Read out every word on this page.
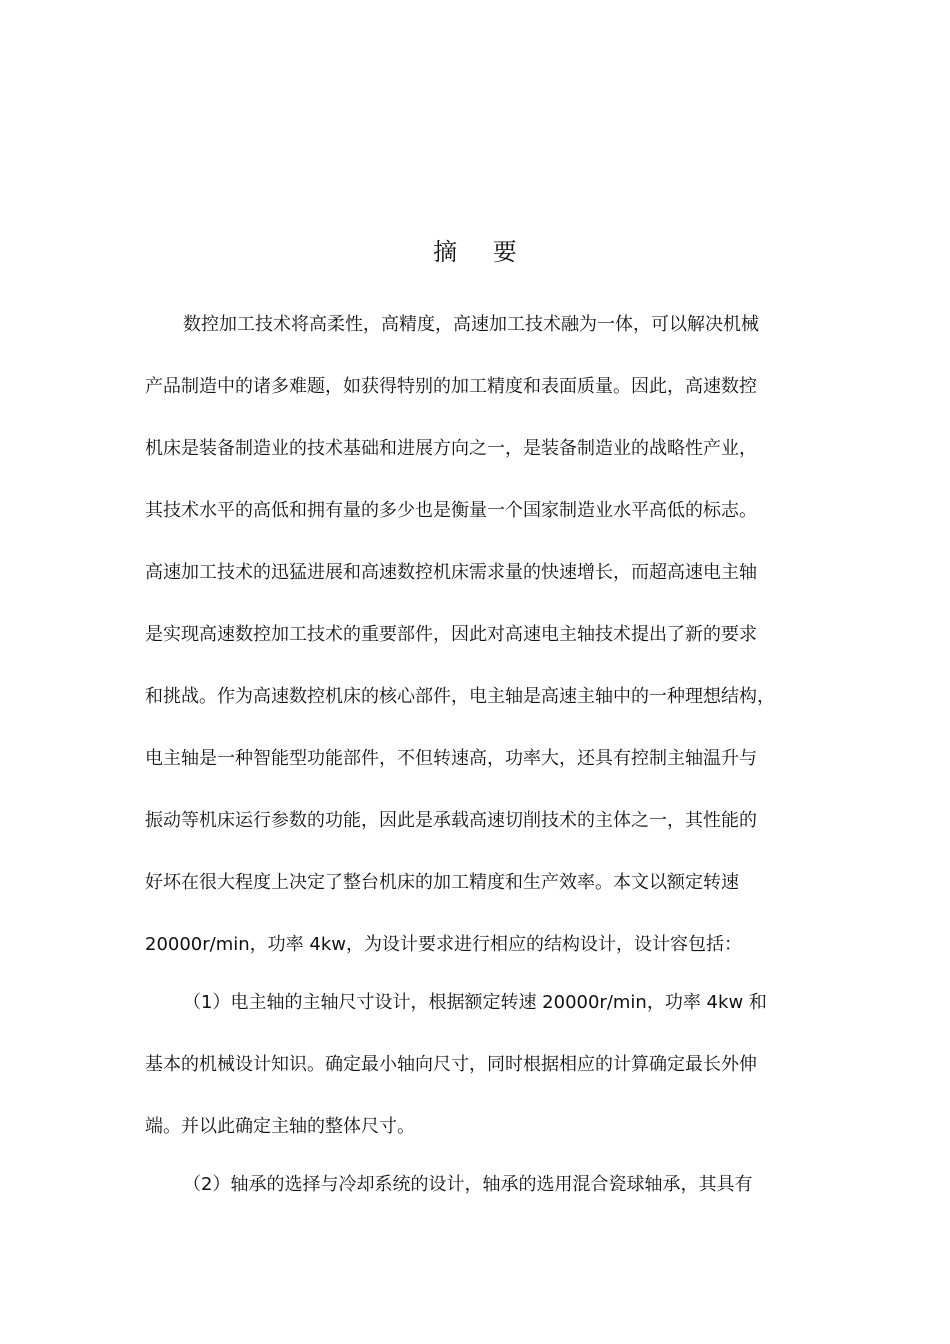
摘 要
数控加工技术将高柔性，高精度，高速加工技术融为一体，可以解决机械
产品制造中的诸多难题，如获得特别的加工精度和表面质量。因此，高速数控
机床是装备制造业的技术基础和进展方向之一，是装备制造业的战略性产业，
其技术水平的高低和拥有量的多少也是衡量一个国家制造业水平高低的标志。
高速加工技术的迅猛进展和高速数控机床需求量的快速增长，而超高速电主轴
是实现高速数控加工技术的重要部件，因此对高速电主轴技术提出了新的要求
和挑战。作为高速数控机床的核心部件，电主轴是高速主轴中的一种理想结构，
电主轴是一种智能型功能部件，不但转速高，功率大，还具有控制主轴温升与
振动等机床运行参数的功能，因此是承载高速切削技术的主体之一，其性能的
好坏在很大程度上决定了整台机床的加工精度和生产效率。本文以额定转速
20000r/min，功率 4kw，为设计要求进行相应的结构设计，设计容包括：
（1）电主轴的主轴尺寸设计，根据额定转速 20000r/min，功率 4kw 和
基本的机械设计知识。确定最小轴向尺寸，同时根据相应的计算确定最长外伸
端。并以此确定主轴的整体尺寸。
（2）轴承的选择与冷却系统的设计，轴承的选用混合瓷球轴承，其具有
